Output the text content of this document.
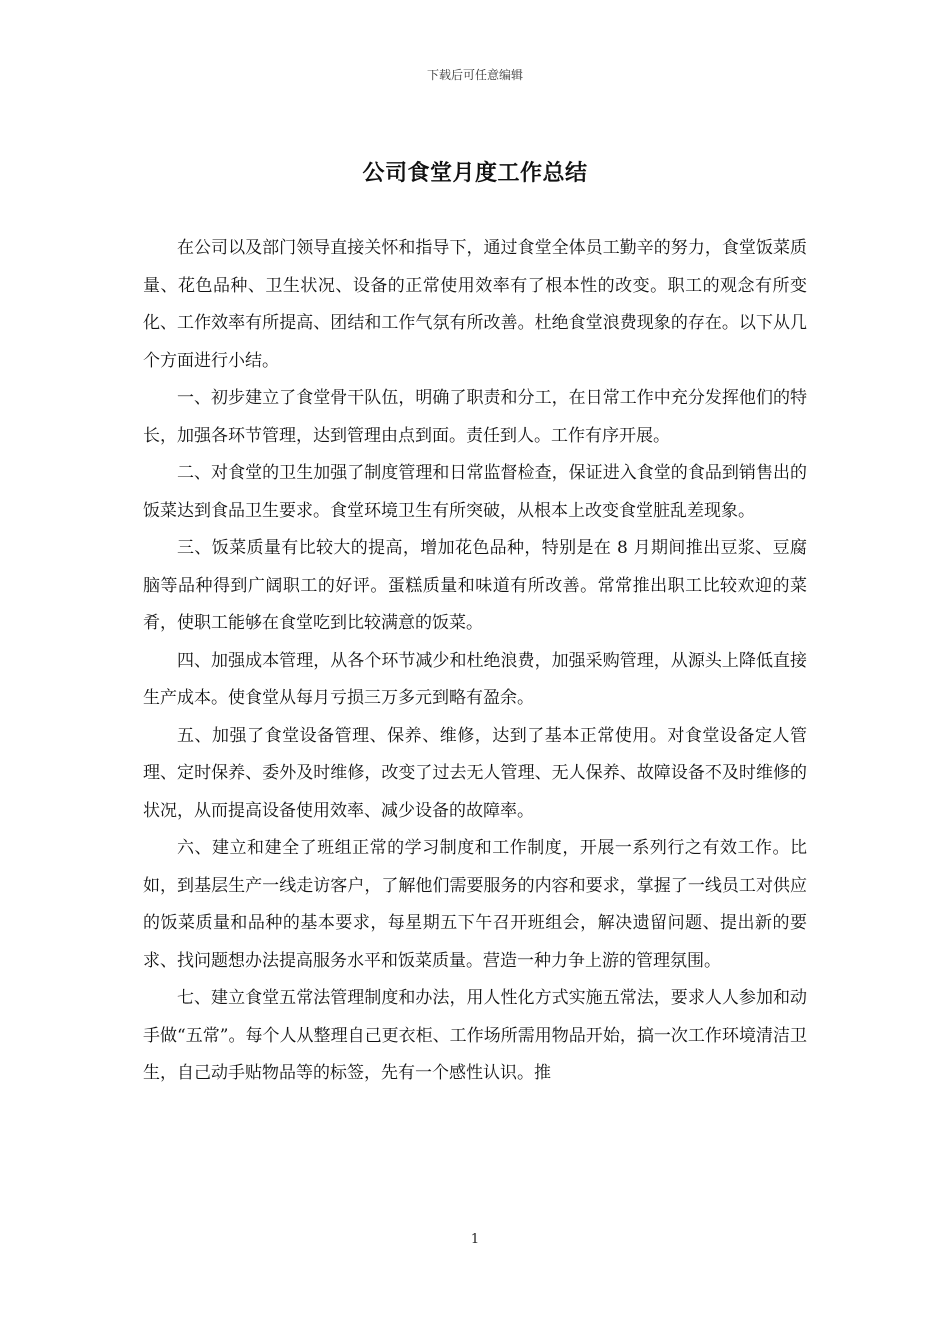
下载后可任意编辑
公司食堂月度工作总结

在公司以及部门领导直接关怀和指导下，通过食堂全体员工勤辛的努力，食堂饭菜质量、花色品种、卫生状况、设备的正常使用效率有了根本性的改变。职工的观念有所变化、工作效率有所提高、团结和工作气氛有所改善。杜绝食堂浪费现象的存在。以下从几个方面进行小结。

一、初步建立了食堂骨干队伍，明确了职责和分工，在日常工作中充分发挥他们的特长，加强各环节管理，达到管理由点到面。责任到人。工作有序开展。

二、对食堂的卫生加强了制度管理和日常监督检查，保证进入食堂的食品到销售出的饭菜达到食品卫生要求。食堂环境卫生有所突破，从根本上改变食堂脏乱差现象。

三、饭菜质量有比较大的提高，增加花色品种，特别是在 8 月期间推出豆浆、豆腐脑等品种得到广阔职工的好评。蛋糕质量和味道有所改善。常常推出职工比较欢迎的菜肴，使职工能够在食堂吃到比较满意的饭菜。

四、加强成本管理，从各个环节减少和杜绝浪费，加强采购管理，从源头上降低直接生产成本。使食堂从每月亏损三万多元到略有盈余。

五、加强了食堂设备管理、保养、维修，达到了基本正常使用。对食堂设备定人管理、定时保养、委外及时维修，改变了过去无人管理、无人保养、故障设备不及时维修的状况，从而提高设备使用效率、减少设备的故障率。

六、建立和建全了班组正常的学习制度和工作制度，开展一系列行之有效工作。比如，到基层生产一线走访客户，了解他们需要服务的内容和要求，掌握了一线员工对供应的饭菜质量和品种的基本要求，每星期五下午召开班组会，解决遗留问题、提出新的要求、找问题想办法提高服务水平和饭菜质量。营造一种力争上游的管理氛围。

七、建立食堂五常法管理制度和办法，用人性化方式实施五常法，要求人人参加和动手做“五常”。每个人从整理自己更衣柜、工作场所需用物品开始，搞一次工作环境清洁卫生，自己动手贴物品等的标签，先有一个感性认识。推

1
